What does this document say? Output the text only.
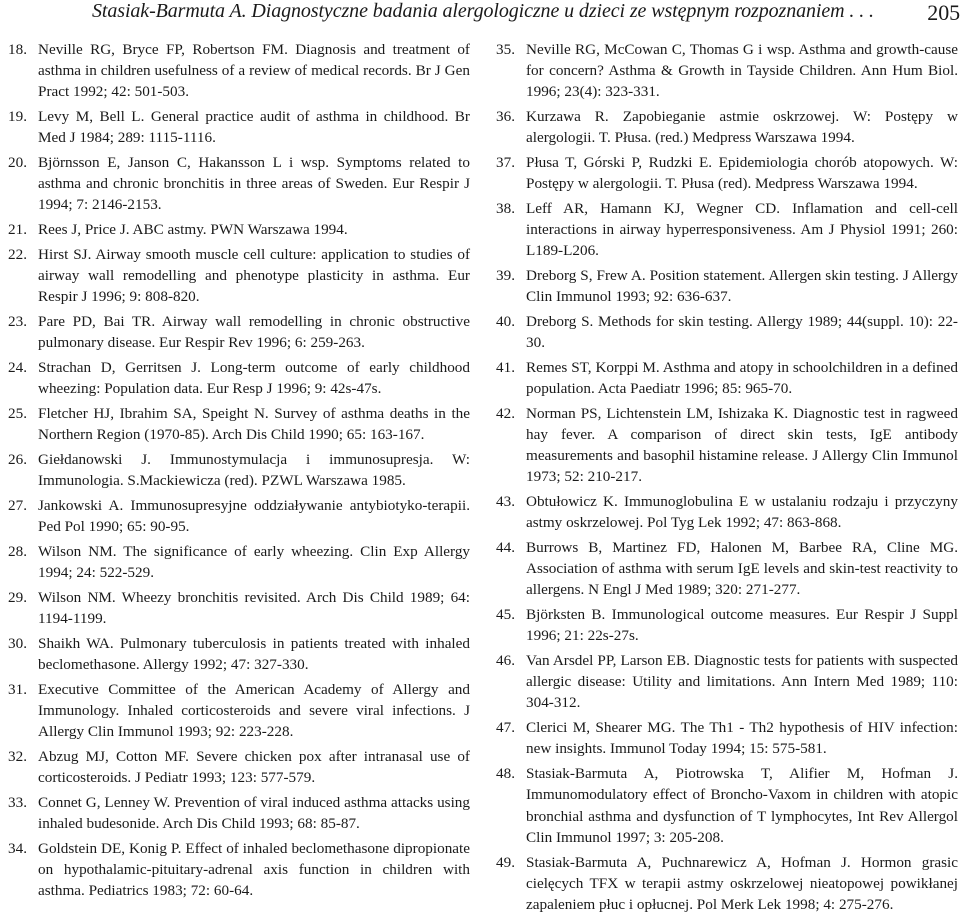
Stasiak-Barmuta A. Diagnostyczne badania alergologiczne u dzieci ze wstępnym rozpoznaniem . . . 205
18. Neville RG, Bryce FP, Robertson FM. Diagnosis and treatment of asthma in children usefulness of a review of medical records. Br J Gen Pract 1992; 42: 501-503.
19. Levy M, Bell L. General practice audit of asthma in childhood. Br Med J 1984; 289: 1115-1116.
20. Björnsson E, Janson C, Hakansson L i wsp. Symptoms related to asthma and chronic bronchitis in three areas of Sweden. Eur Respir J 1994; 7: 2146-2153.
21. Rees J, Price J. ABC astmy. PWN Warszawa 1994.
22. Hirst SJ. Airway smooth muscle cell culture: application to studies of airway wall remodelling and phenotype plasticity in asthma. Eur Respir J 1996; 9: 808-820.
23. Pare PD, Bai TR. Airway wall remodelling in chronic obstructive pulmonary disease. Eur Respir Rev 1996; 6: 259-263.
24. Strachan D, Gerritsen J. Long-term outcome of early childhood wheezing: Population data. Eur Resp J 1996; 9: 42s-47s.
25. Fletcher HJ, Ibrahim SA, Speight N. Survey of asthma deaths in the Northern Region (1970-85). Arch Dis Child 1990; 65: 163-167.
26. Giełdanowski J. Immunostymulacja i immunosupresja. W: Immunologia. S.Mackiewicza (red). PZWL Warszawa 1985.
27. Jankowski A. Immunosupresyjne oddziaływanie antybiotyko-terapii. Ped Pol 1990; 65: 90-95.
28. Wilson NM. The significance of early wheezing. Clin Exp Allergy 1994; 24: 522-529.
29. Wilson NM. Wheezy bronchitis revisited. Arch Dis Child 1989; 64: 1194-1199.
30. Shaikh WA. Pulmonary tuberculosis in patients treated with inhaled beclomethasone. Allergy 1992; 47: 327-330.
31. Executive Committee of the American Academy of Allergy and Immunology. Inhaled corticosteroids and severe viral infections. J Allergy Clin Immunol 1993; 92: 223-228.
32. Abzug MJ, Cotton MF. Severe chicken pox after intranasal use of corticosteroids. J Pediatr 1993; 123: 577-579.
33. Connet G, Lenney W. Prevention of viral induced asthma attacks using inhaled budesonide. Arch Dis Child 1993; 68: 85-87.
34. Goldstein DE, Konig P. Effect of inhaled beclomethasone dipropionate on hypothalamic-pituitary-adrenal axis function in children with asthma. Pediatrics 1983; 72: 60-64.
35. Neville RG, McCowan C, Thomas G i wsp. Asthma and growth-cause for concern? Asthma & Growth in Tayside Children. Ann Hum Biol. 1996; 23(4): 323-331.
36. Kurzawa R. Zapobieganie astmie oskrzowej. W: Postępy w alergologii. T. Płusa. (red.) Medpress Warszawa 1994.
37. Płusa T, Górski P, Rudzki E. Epidemiologia chorób atopowych. W: Postępy w alergologii. T. Płusa (red). Medpress Warszawa 1994.
38. Leff AR, Hamann KJ, Wegner CD. Inflamation and cell-cell interactions in airway hyperresponsiveness. Am J Physiol 1991; 260: L189-L206.
39. Dreborg S, Frew A. Position statement. Allergen skin testing. J Allergy Clin Immunol 1993; 92: 636-637.
40. Dreborg S. Methods for skin testing. Allergy 1989; 44(suppl. 10): 22-30.
41. Remes ST, Korppi M. Asthma and atopy in schoolchildren in a defined population. Acta Paediatr 1996; 85: 965-70.
42. Norman PS, Lichtenstein LM, Ishizaka K. Diagnostic test in ragweed hay fever. A comparison of direct skin tests, IgE antibody measurements and basophil histamine release. J Allergy Clin Immunol 1973; 52: 210-217.
43. Obtułowicz K. Immunoglobulina E w ustalaniu rodzaju i przyczyny astmy oskrzelowej. Pol Tyg Lek 1992; 47: 863-868.
44. Burrows B, Martinez FD, Halonen M, Barbee RA, Cline MG. Association of asthma with serum IgE levels and skin-test reactivity to allergens. N Engl J Med 1989; 320: 271-277.
45. Björksten B. Immunological outcome measures. Eur Respir J Suppl 1996; 21: 22s-27s.
46. Van Arsdel PP, Larson EB. Diagnostic tests for patients with suspected allergic disease: Utility and limitations. Ann Intern Med 1989; 110: 304-312.
47. Clerici M, Shearer MG. The Th1 - Th2 hypothesis of HIV infection: new insights. Immunol Today 1994; 15: 575-581.
48. Stasiak-Barmuta A, Piotrowska T, Alifier M, Hofman J. Immunomodulatory effect of Broncho-Vaxom in children with atopic bronchial asthma and dysfunction of T lymphocytes, Int Rev Allergol Clin Immunol 1997; 3: 205-208.
49. Stasiak-Barmuta A, Puchnarewicz A, Hofman J. Hormon grasic cielęcych TFX w terapii astmy oskrzelowej nieatopowej powikłanej zapaleniem płuc i opłucnej. Pol Merk Lek 1998; 4: 275-276.
